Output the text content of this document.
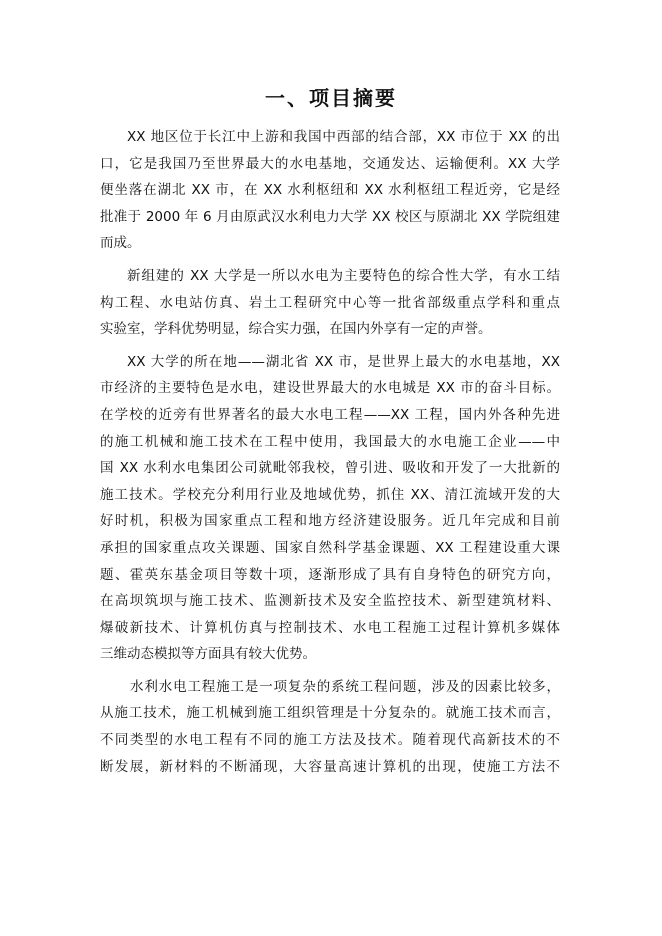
一、项目摘要
XX 地区位于长江中上游和我国中西部的结合部，XX 市位于 XX 的出
口，它是我国乃至世界最大的水电基地，交通发达、运输便利。XX 大学
便坐落在湖北 XX 市，在 XX 水利枢纽和 XX 水利枢纽工程近旁，它是经
批准于 2000 年 6 月由原武汉水利电力大学 XX 校区与原湖北 XX 学院组建
而成。
新组建的 XX 大学是一所以水电为主要特色的综合性大学，有水工结
构工程、水电站仿真、岩土工程研究中心等一批省部级重点学科和重点
实验室，学科优势明显，综合实力强，在国内外享有一定的声誉。
XX 大学的所在地——湖北省 XX 市，是世界上最大的水电基地，XX
市经济的主要特色是水电，建设世界最大的水电城是 XX 市的奋斗目标。
在学校的近旁有世界著名的最大水电工程——XX 工程，国内外各种先进
的施工机械和施工技术在工程中使用，我国最大的水电施工企业——中
国 XX 水利水电集团公司就毗邻我校，曾引进、吸收和开发了一大批新的
施工技术。学校充分利用行业及地域优势，抓住 XX、清江流域开发的大
好时机，积极为国家重点工程和地方经济建设服务。近几年完成和目前
承担的国家重点攻关课题、国家自然科学基金课题、XX 工程建设重大课
题、霍英东基金项目等数十项，逐渐形成了具有自身特色的研究方向，
在高坝筑坝与施工技术、监测新技术及安全监控技术、新型建筑材料、
爆破新技术、计算机仿真与控制技术、水电工程施工过程计算机多媒体
三维动态模拟等方面具有较大优势。
水利水电工程施工是一项复杂的系统工程问题，涉及的因素比较多，
从施工技术，施工机械到施工组织管理是十分复杂的。就施工技术而言，
不同类型的水电工程有不同的施工方法及技术。随着现代高新技术的不
断发展，新材料的不断涌现，大容量高速计算机的出现，使施工方法不
